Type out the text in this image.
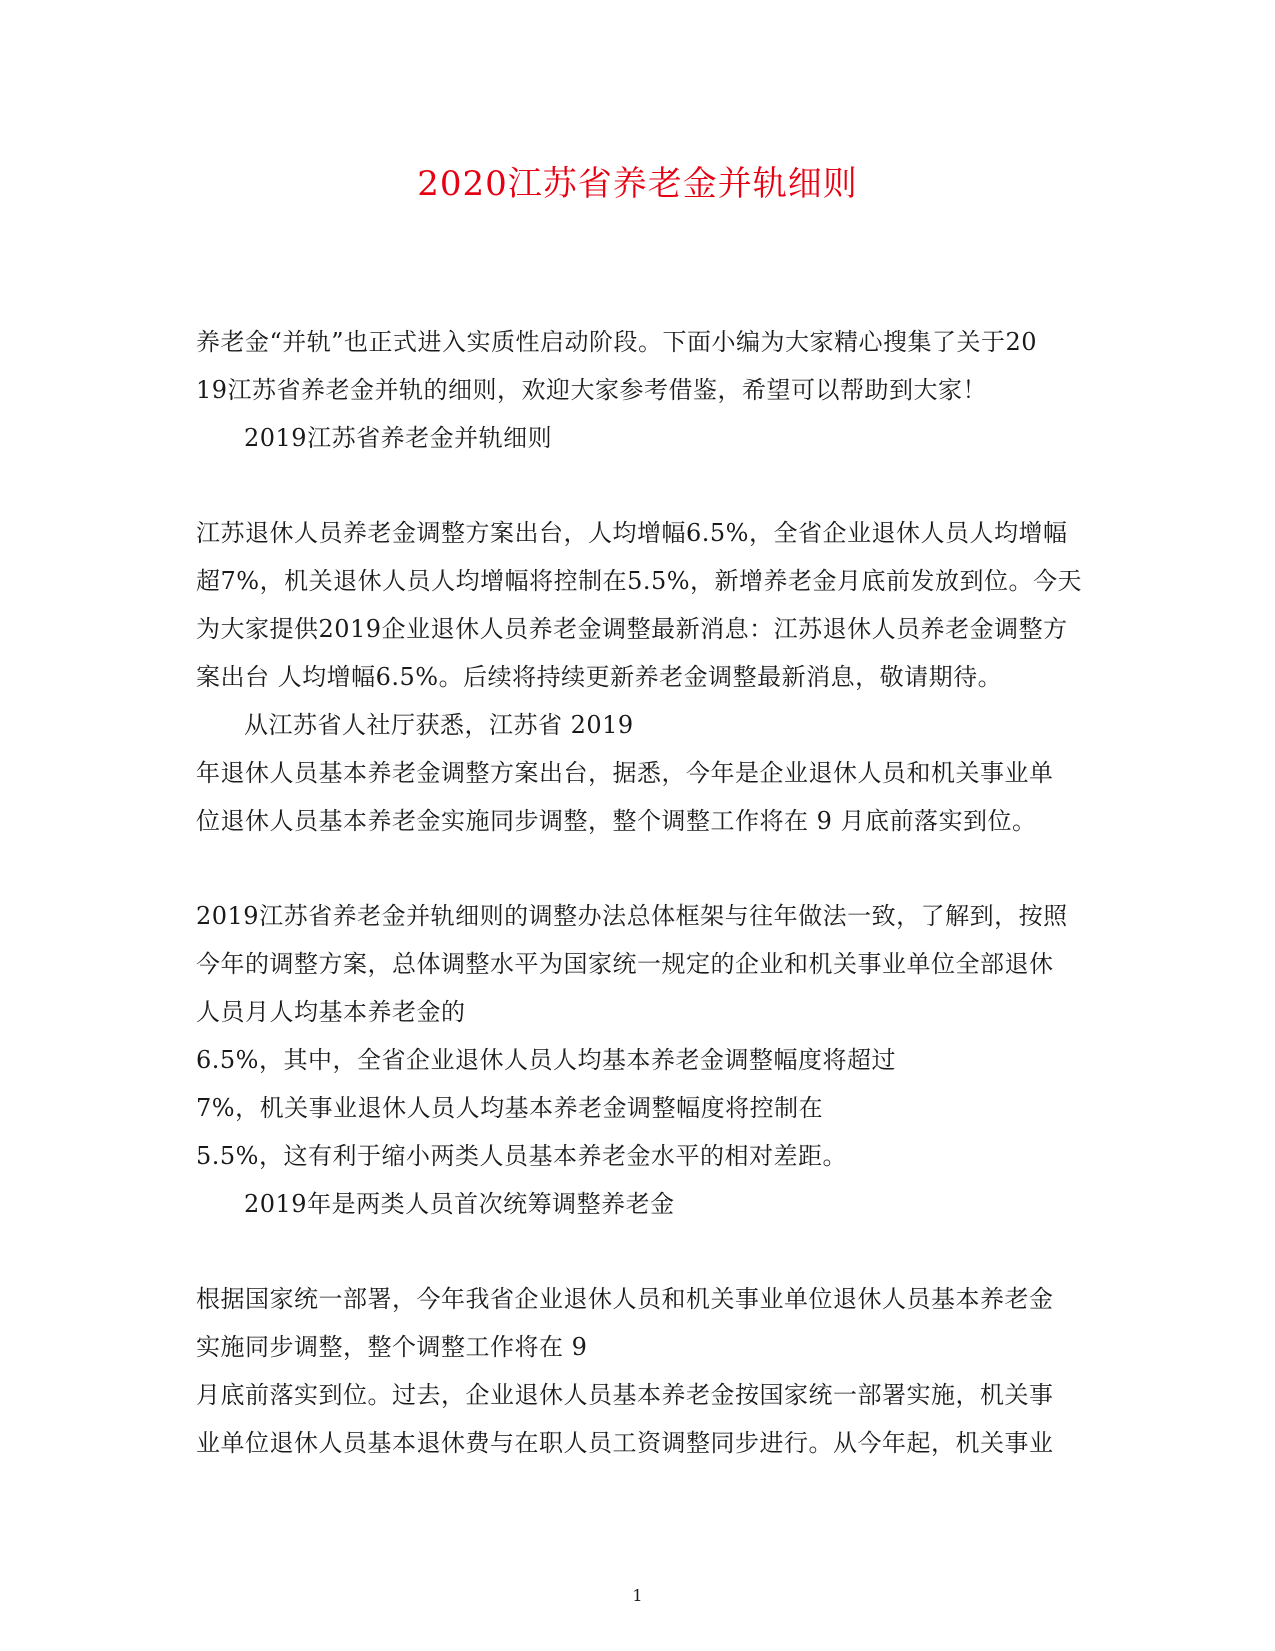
2020江苏省养老金并轨细则
养老金“并轨”也正式进入实质性启动阶段。下面小编为大家精心搜集了关于20
19江苏省养老金并轨的细则，欢迎大家参考借鉴，希望可以帮助到大家！
2019江苏省养老金并轨细则
江苏退休人员养老金调整方案出台，人均增幅6.5%，全省企业退休人员人均增幅
超7%，机关退休人员人均增幅将控制在5.5%，新增养老金月底前发放到位。今天
为大家提供2019企业退休人员养老金调整最新消息：江苏退休人员养老金调整方
案出台 人均增幅6.5%。后续将持续更新养老金调整最新消息，敬请期待。
从江苏省人社厅获悉，江苏省 2019
年退休人员基本养老金调整方案出台，据悉，今年是企业退休人员和机关事业单
位退休人员基本养老金实施同步调整，整个调整工作将在 9 月底前落实到位。
2019江苏省养老金并轨细则的调整办法总体框架与往年做法一致，了解到，按照
今年的调整方案，总体调整水平为国家统一规定的企业和机关事业单位全部退休
人员月人均基本养老金的
6.5%，其中，全省企业退休人员人均基本养老金调整幅度将超过
7%，机关事业退休人员人均基本养老金调整幅度将控制在
5.5%，这有利于缩小两类人员基本养老金水平的相对差距。
2019年是两类人员首次统筹调整养老金
根据国家统一部署，今年我省企业退休人员和机关事业单位退休人员基本养老金
实施同步调整，整个调整工作将在 9
月底前落实到位。过去，企业退休人员基本养老金按国家统一部署实施，机关事
业单位退休人员基本退休费与在职人员工资调整同步进行。从今年起，机关事业
1
